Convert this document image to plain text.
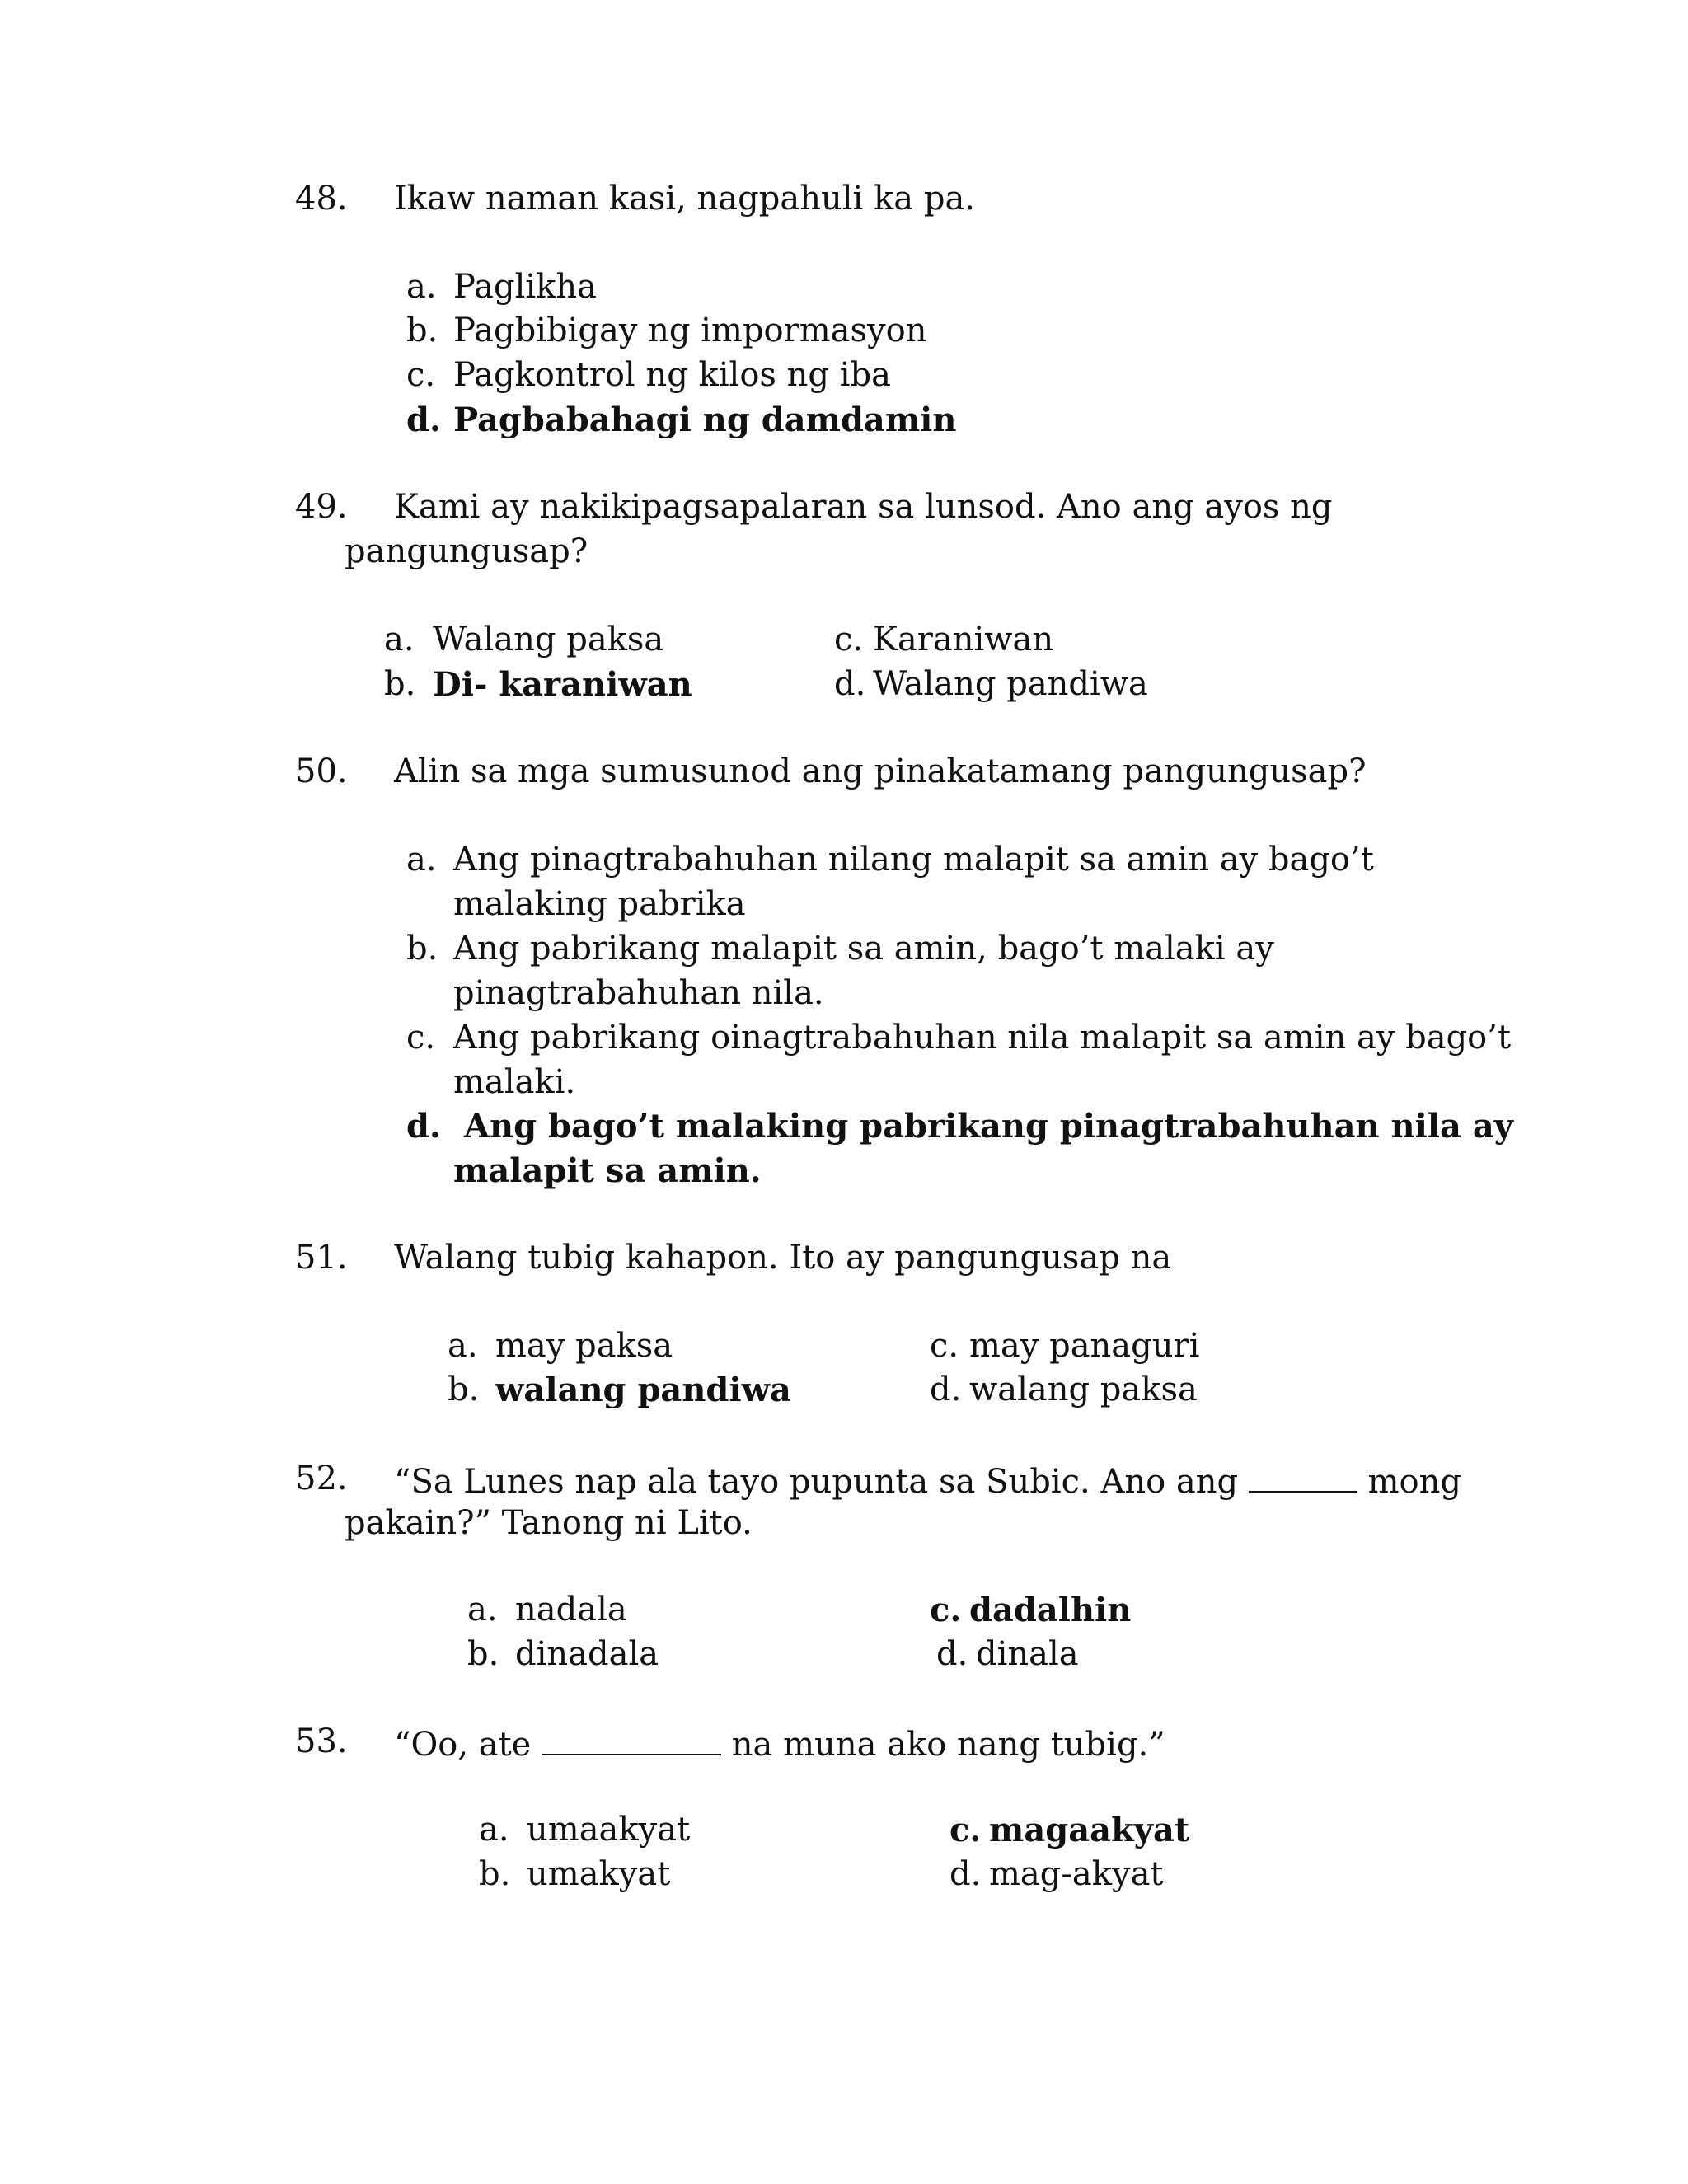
48. Ikaw naman kasi, nagpahuli ka pa.
a. Paglikha
b. Pagbibigay ng impormasyon
c. Pagkontrol ng kilos ng iba
d. Pagbabahagi ng damdamin
49. Kami ay nakikipagsapalaran sa lunsod. Ano ang ayos ng
pangungusap?
a. Walang paksa
b. Di- karaniwan
c. Karaniwan
d. Walang pandiwa
50. Alin sa mga sumusunod ang pinakatamang pangungusap?
a. Ang pinagtrabahuhan nilang malapit sa amin ay bago’t
malaking pabrika
b. Ang pabrikang malapit sa amin, bago’t malaki ay
pinagtrabahuhan nila.
c. Ang pabrikang oinagtrabahuhan nila malapit sa amin ay bago’t
malaki.
d. Ang bago’t malaking pabrikang pinagtrabahuhan nila ay
malapit sa amin.
51. Walang tubig kahapon. Ito ay pangungusap na
a. may paksa
b. walang pandiwa
c. may panaguri
d. walang paksa
52. “Sa Lunes nap ala tayo pupunta sa Subic. Ano ang	mong
pakain?” Tanong ni Lito.
a. nadala
b. dinadala
c. dadalhin
d. dinala
53. “Oo, ate	na muna ako nang tubig.”
a. umaakyat
b. umakyat
c. magaakyat
d. mag-akyat
